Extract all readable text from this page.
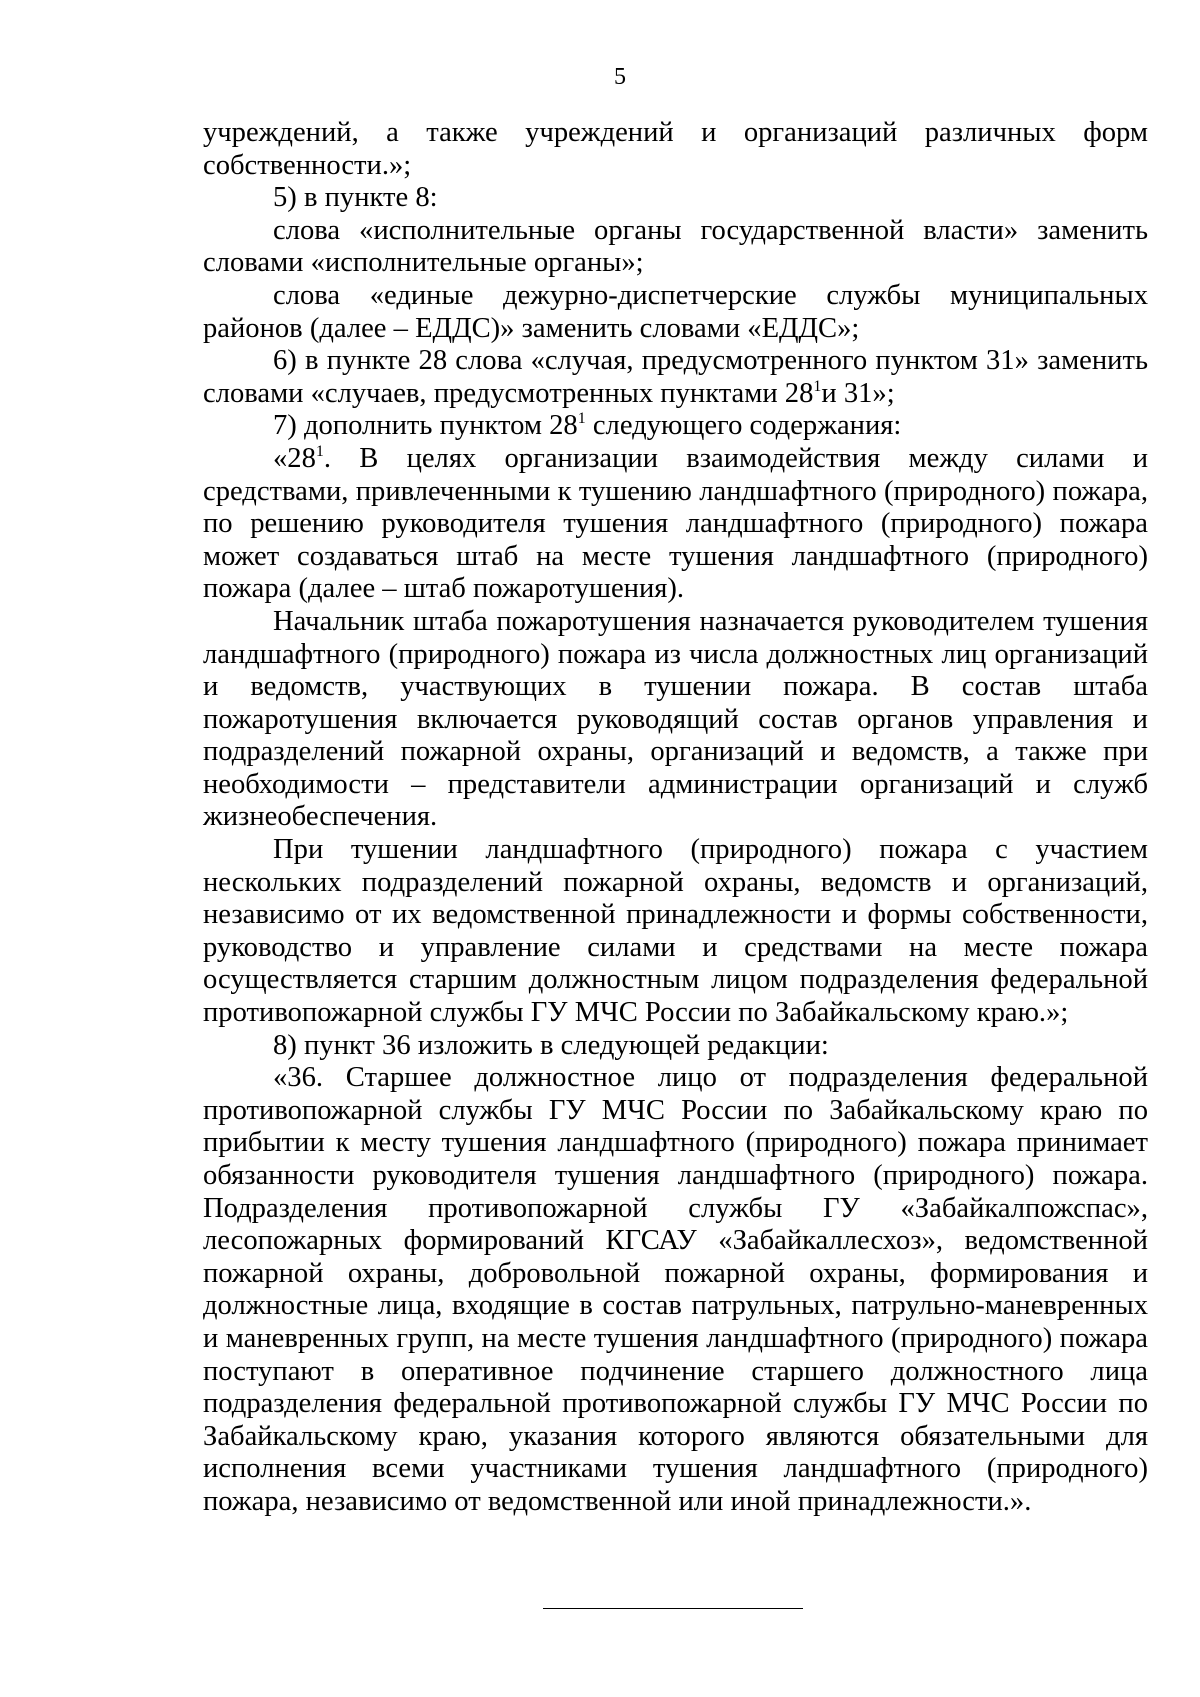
5

учреждений, а также учреждений и организаций различных форм собственности.»;

5) в пункте 8:

слова «исполнительные органы государственной власти» заменить словами «исполнительные органы»;

слова «единые дежурно-диспетчерские службы муниципальных районов (далее – ЕДДС)» заменить словами «ЕДДС»;

6) в пункте 28 слова «случая, предусмотренного пунктом 31» заменить словами «случаев, предусмотренных пунктами $28^1и$ 31»;

7) дополнить пунктом $28^1$ следующего содержания:

«$28^1$. В целях организации взаимодействия между силами и средствами, привлеченными к тушению ландшафтного (природного) пожара, по решению руководителя тушения ландшафтного (природного) пожара может создаваться штаб на месте тушения ландшафтного (природного) пожара (далее – штаб пожаротушения).

Начальник штаба пожаротушения назначается руководителем тушения ландшафтного (природного) пожара из числа должностных лиц организаций и ведомств, участвующих в тушении пожара. В состав штаба пожаротушения включается руководящий состав органов управления и подразделений пожарной охраны, организаций и ведомств, а также при необходимости – представители администрации организаций и служб жизнеобеспечения.

При тушении ландшафтного (природного) пожара с участием нескольких подразделений пожарной охраны, ведомств и организаций, независимо от их ведомственной принадлежности и формы собственности, руководство и управление силами и средствами на месте пожара осуществляется старшим должностным лицом подразделения федеральной противопожарной службы ГУ МЧС России по Забайкальскому краю.»;

8) пункт 36 изложить в следующей редакции:

«36. Старшее должностное лицо от подразделения федеральной противопожарной службы ГУ МЧС России по Забайкальскому краю по прибытии к месту тушения ландшафтного (природного) пожара принимает обязанности руководителя тушения ландшафтного (природного) пожара. Подразделения противопожарной службы ГУ «Забайкалпожспас», лесопожарных формирований КГСАУ «Забайкаллесхоз», ведомственной пожарной охраны, добровольной пожарной охраны, формирования и должностные лица, входящие в состав патрульных, патрульно-маневренных и маневренных групп, на месте тушения ландшафтного (природного) пожара поступают в оперативное подчинение старшего должностного лица подразделения федеральной противопожарной службы ГУ МЧС России по Забайкальскому краю, указания которого являются обязательными для исполнения всеми участниками тушения ландшафтного (природного) пожара, независимо от ведомственной или иной принадлежности.».
